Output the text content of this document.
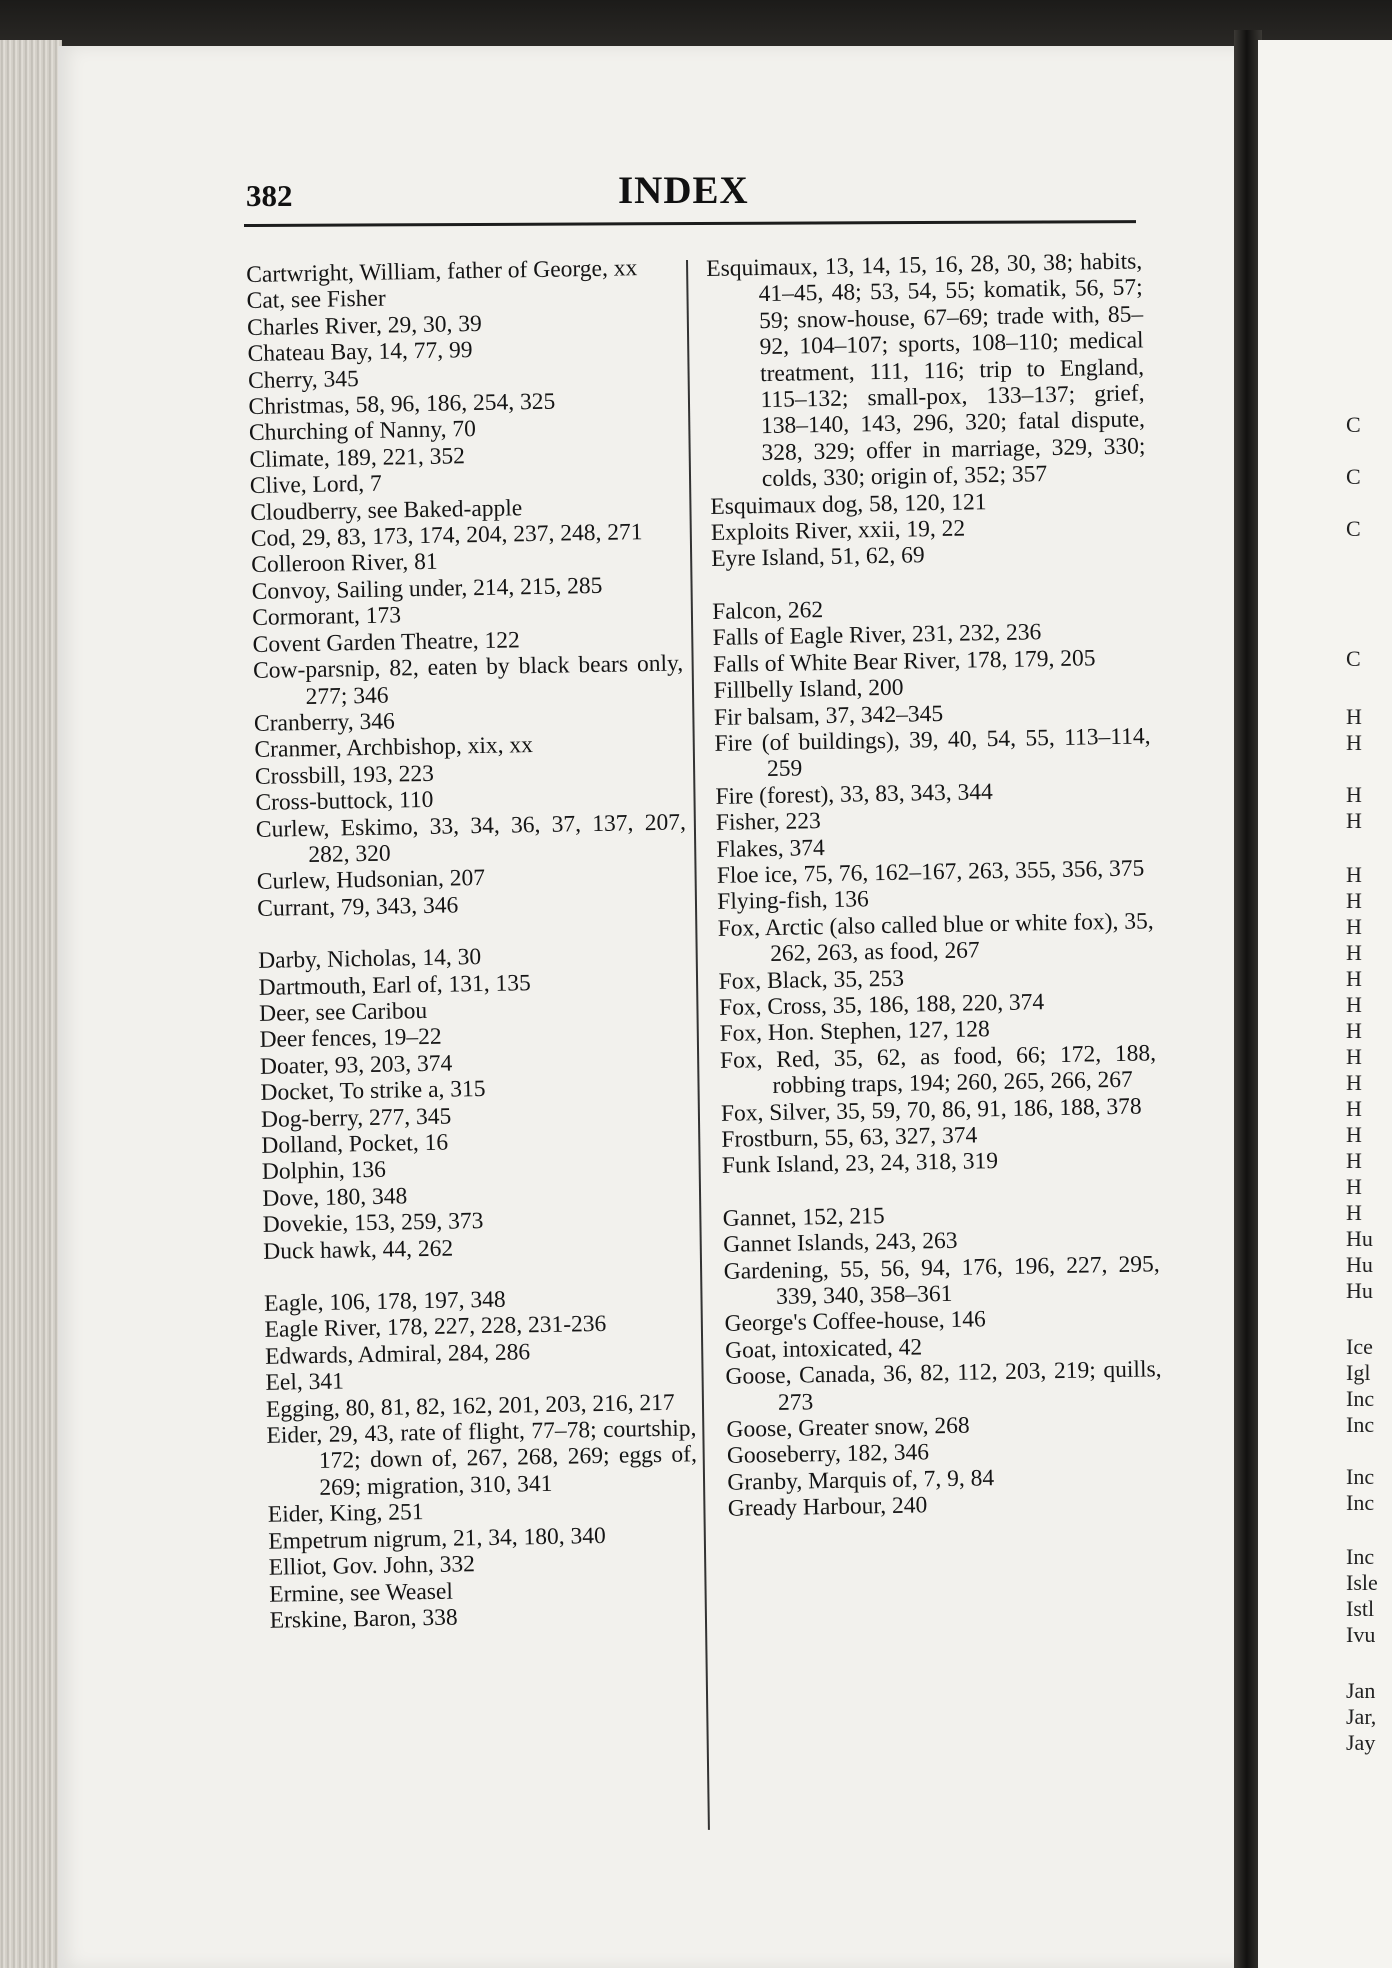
C
C
C
C
H
H
H
H
H
H
H
H
H
H
H
H
H
H
H
H
H
H
Hu
Hu
Hu
Ice
Igl
Inc
Inc
Inc
Inc
Inc
Isle
Istl
Ivu
Jan
Jar,
Jay
382	INDEX
Cartwright, William, father of George, xx
Cat, see Fisher
Charles River, 29, 30, 39
Chateau Bay, 14, 77, 99
Cherry, 345
Christmas, 58, 96, 186, 254, 325
Churching of Nanny, 70
Climate, 189, 221, 352
Clive, Lord, 7
Cloudberry, see Baked-apple
Cod, 29, 83, 173, 174, 204, 237, 248, 271
Colleroon River, 81
Convoy, Sailing under, 214, 215, 285
Cormorant, 173
Covent Garden Theatre, 122
Cow-parsnip, 82, eaten by black bears only, 277; 346
Cranberry, 346
Cranmer, Archbishop, xix, xx
Crossbill, 193, 223
Cross-buttock, 110
Curlew, Eskimo, 33, 34, 36, 37, 137, 207, 282, 320
Curlew, Hudsonian, 207
Currant, 79, 343, 346
Darby, Nicholas, 14, 30
Dartmouth, Earl of, 131, 135
Deer, see Caribou
Deer fences, 19–22
Doater, 93, 203, 374
Docket, To strike a, 315
Dog-berry, 277, 345
Dolland, Pocket, 16
Dolphin, 136
Dove, 180, 348
Dovekie, 153, 259, 373
Duck hawk, 44, 262
Eagle, 106, 178, 197, 348
Eagle River, 178, 227, 228, 231-236
Edwards, Admiral, 284, 286
Eel, 341
Egging, 80, 81, 82, 162, 201, 203, 216, 217
Eider, 29, 43, rate of flight, 77–78; courtship, 172; down of, 267, 268, 269; eggs of, 269; migration, 310, 341
Eider, King, 251
Empetrum nigrum, 21, 34, 180, 340
Elliot, Gov. John, 332
Ermine, see Weasel
Erskine, Baron, 338
Esquimaux, 13, 14, 15, 16, 28, 30, 38; habits, 41–45, 48; 53, 54, 55; komatik, 56, 57; 59; snow-house, 67–69; trade with, 85–92, 104–107; sports, 108–110; medical treatment, 111, 116; trip to England, 115–132; small-pox, 133–137; grief, 138–140, 143, 296, 320; fatal dispute, 328, 329; offer in marriage, 329, 330; colds, 330; origin of, 352; 357
Esquimaux dog, 58, 120, 121
Exploits River, xxii, 19, 22
Eyre Island, 51, 62, 69
Falcon, 262
Falls of Eagle River, 231, 232, 236
Falls of White Bear River, 178, 179, 205
Fillbelly Island, 200
Fir balsam, 37, 342–345
Fire (of buildings), 39, 40, 54, 55, 113–114, 259
Fire (forest), 33, 83, 343, 344
Fisher, 223
Flakes, 374
Floe ice, 75, 76, 162–167, 263, 355, 356, 375
Flying-fish, 136
Fox, Arctic (also called blue or white fox), 35, 262, 263, as food, 267
Fox, Black, 35, 253
Fox, Cross, 35, 186, 188, 220, 374
Fox, Hon. Stephen, 127, 128
Fox, Red, 35, 62, as food, 66; 172, 188, robbing traps, 194; 260, 265, 266, 267
Fox, Silver, 35, 59, 70, 86, 91, 186, 188, 378
Frostburn, 55, 63, 327, 374
Funk Island, 23, 24, 318, 319
Gannet, 152, 215
Gannet Islands, 243, 263
Gardening, 55, 56, 94, 176, 196, 227, 295, 339, 340, 358–361
George's Coffee-house, 146
Goat, intoxicated, 42
Goose, Canada, 36, 82, 112, 203, 219; quills, 273
Goose, Greater snow, 268
Gooseberry, 182, 346
Granby, Marquis of, 7, 9, 84
Gready Harbour, 240
